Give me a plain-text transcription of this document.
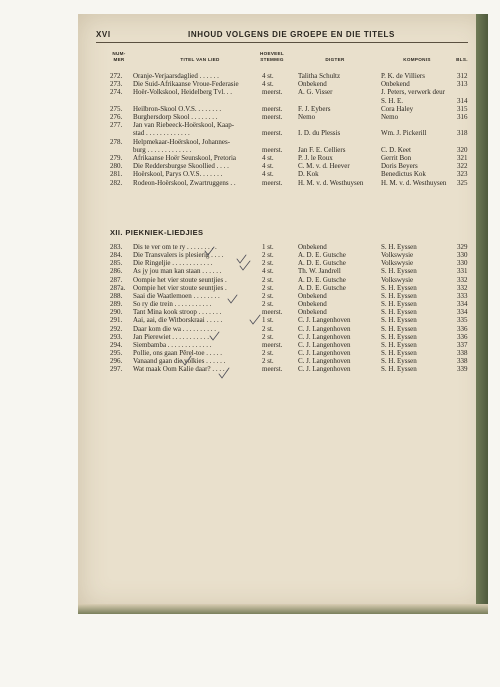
XVI	INHOUD VOLGENS DIE GROEPE EN DIE TITELS
NUM-
MER	TITEL VAN LIED
HOEVEEL
STEMMIG	DIGTER	KOMPONIS	BLS.
272. Oranje-Verjaarsdaglied . . . . . .	4 st.	Talitha Schultz	P. K. de Villiers	312
273. Die Suid-Afrikaanse Vroue-Federasie	4 st.	Onbekend	Onbekend	313
274. Hoër-Volkskool, Heidelberg Tvl. . .	meerst. A. G. Visser	J. Peters, verwerk deur
S. H. E.	314
275. Heilbron-Skool O.V.S. . . . . . . .	meerst. F. J. Eybers	Cora Haley	315
276. Burghersdorp Skool . . . . . . . .	meerst. Nemo	Nemo	316
277. Jan van Riebeeck-Hoërskool, Kaap-
stad . . . . . . . . . . . . .	meerst. I. D. du Plessis	Wm. J. Pickerill	318
278. Helpmekaar-Hoërskool, Johannes-
burg . . . . . . . . . . . . .	meerst. Jan F. E. Celliers	C. D. Keet	320
279. Afrikaanse Hoër Seunskool, Pretoria	4 st.	P. J. le Roux	Gerrit Bon	321
280. Die Reddersburgse Skoollied . . . .	4 st.	C. M. v. d. Heever	Doris Beyers	322
281. Hoërskool, Parys O.V.S. . . . . . .	4 st.	D. Kok	Benedictus Kok	323
282. Rodeon-Hoërskool, Zwartruggens . .	meerst. H. M. v. d. Westhuysen	H. M. v. d. Westhuysen 325
XII. PIEKNIEK-LIEDJIES
283. Dis te ver om te ry . . . . . . . . .	1 st.	Onbekend	S. H. Eyssen	329
284. Die Transvalers is plesierig . . . .	2 st.	A. D. E. Gutsche	Volkswysie	330
285. Die Ringeljie . . . . . . . . . . . .	2 st.	A. D. E. Gutsche	Volkswysie	330
286. As jy jou man kan staan . . . . . .	4 st.	Th. W. Jandrell	S. H. Eyssen	331
287. Oompie het vier stoute seuntjies .	2 st.	A. D. E. Gutsche	Volkswysie	332
287a. Oompie het vier stoute seuntjies .	2 st.	A. D. E. Gutsche	S. H. Eyssen	332
288. Saai die Waatlemoen . . . . . . . .	2 st.	Onbekend	S. H. Eyssen	333
289. So ry die trein . . . . . . . . . . .	2 st.	Onbekend	S. H. Eyssen	334
290. Tant Mina kook stroop . . . . . . .	meerst. Onbekend	S. H. Eyssen	334
291. Aai, aai, die Witborskraai . . . . .	1 st.	C. J. Langenhoven	S. H. Eyssen	335
292. Daar kom die wa . . . . . . . . . .	2 st.	C. J. Langenhoven	S. H. Eyssen	336
293. Jan Pierewiet . . . . . . . . . . . .	2 st.	C. J. Langenhoven	S. H. Eyssen	336
294. Siembamba . . . . . . . . . . . . .	meerst. C. J. Langenhoven	S. H. Eyssen	337
295. Pollie, ons gaan Pêrel-toe . . . . .	2 st.	C. J. Langenhoven	S. H. Eyssen	338
296. Vanaand gaan die volkies . . . . . .	2 st.	C. J. Langenhoven	S. H. Eyssen	338
297. Wat maak Oom Kalie daar? . . . . .	meerst. C. J. Langenhoven	S. H. Eyssen	339
